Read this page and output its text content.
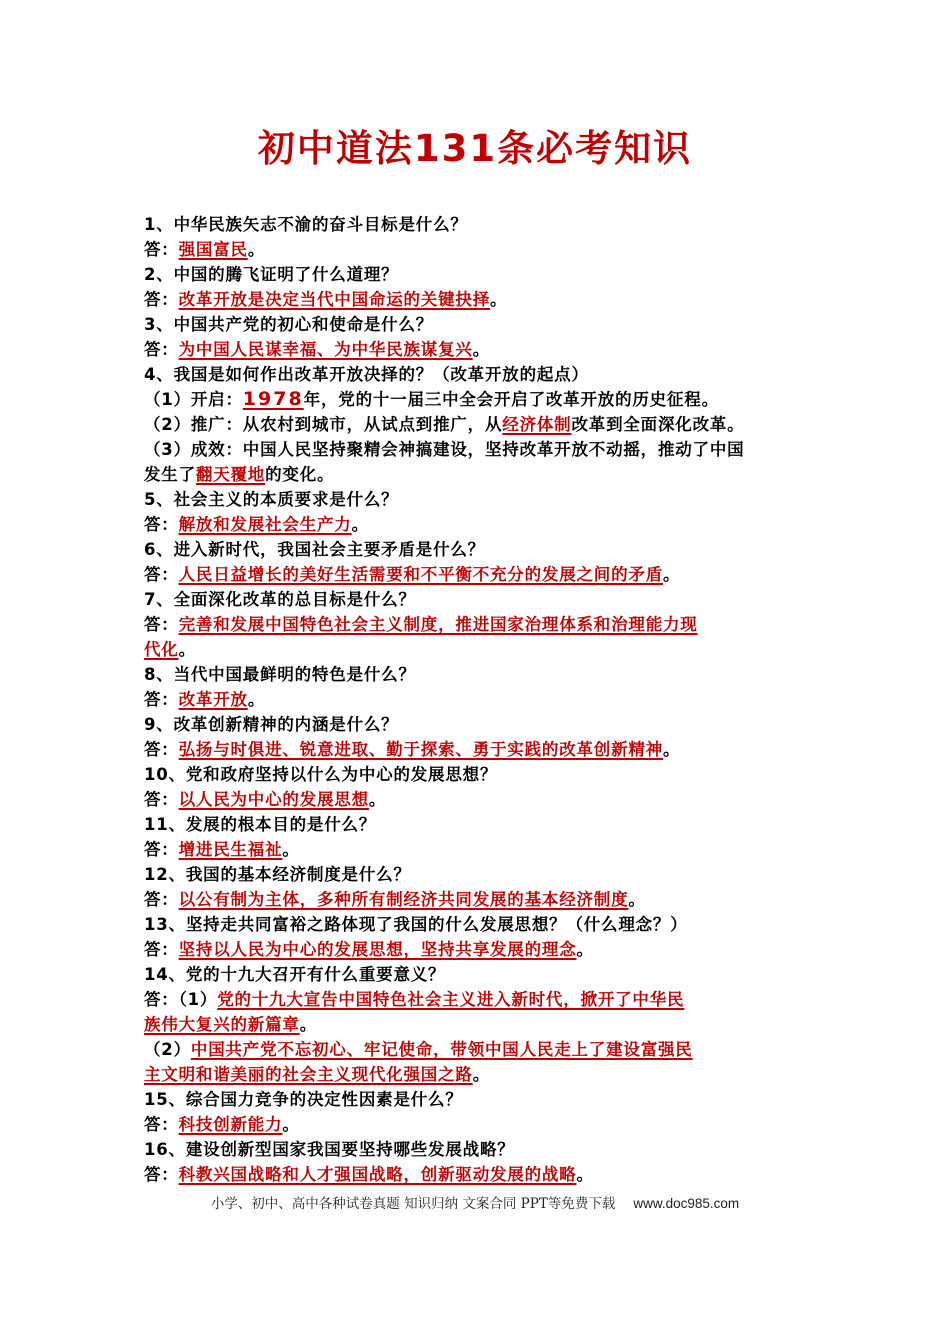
初中道法131条必考知识
1、中华民族矢志不渝的奋斗目标是什么？
答：强国富民。
2、中国的腾飞证明了什么道理？
答：改革开放是决定当代中国命运的关键抉择。
3、中国共产党的初心和使命是什么？
答：为中国人民谋幸福、为中华民族谋复兴。
4、我国是如何作出改革开放决择的？（改革开放的起点）
（1）开启：1978年，党的十一届三中全会开启了改革开放的历史征程。
（2）推广：从农村到城市，从试点到推广，从经济体制改革到全面深化改革。
（3）成效：中国人民坚持聚精会神搞建设，坚持改革开放不动摇，推动了中国
发生了翻天覆地的变化。
5、社会主义的本质要求是什么？
答：解放和发展社会生产力。
6、进入新时代，我国社会主要矛盾是什么？
答：人民日益增长的美好生活需要和不平衡不充分的发展之间的矛盾。
7、全面深化改革的总目标是什么？
答：完善和发展中国特色社会主义制度，推进国家治理体系和治理能力现
代化。
8、当代中国最鲜明的特色是什么？
答：改革开放。
9、改革创新精神的内涵是什么？
答：弘扬与时俱进、锐意进取、勤于探索、勇于实践的改革创新精神。
10、党和政府坚持以什么为中心的发展思想？
答：以人民为中心的发展思想。
11、发展的根本目的是什么？
答：增进民生福祉。
12、我国的基本经济制度是什么？
答：以公有制为主体，多种所有制经济共同发展的基本经济制度。
13、坚持走共同富裕之路体现了我国的什么发展思想？（什么理念？）
答：坚持以人民为中心的发展思想，坚持共享发展的理念。
14、党的十九大召开有什么重要意义？
答：（1）党的十九大宣告中国特色社会主义进入新时代，掀开了中华民
族伟大复兴的新篇章。
（2）中国共产党不忘初心、牢记使命，带领中国人民走上了建设富强民
主文明和谐美丽的社会主义现代化强国之路。
15、综合国力竞争的决定性因素是什么？
答：科技创新能力。
16、建设创新型国家我国要坚持哪些发展战略？
答：科教兴国战略和人才强国战略，创新驱动发展的战略。
小学、初中、高中各种试卷真题 知识归纳 文案合同 PPT等免费下载 www.doc985.com
